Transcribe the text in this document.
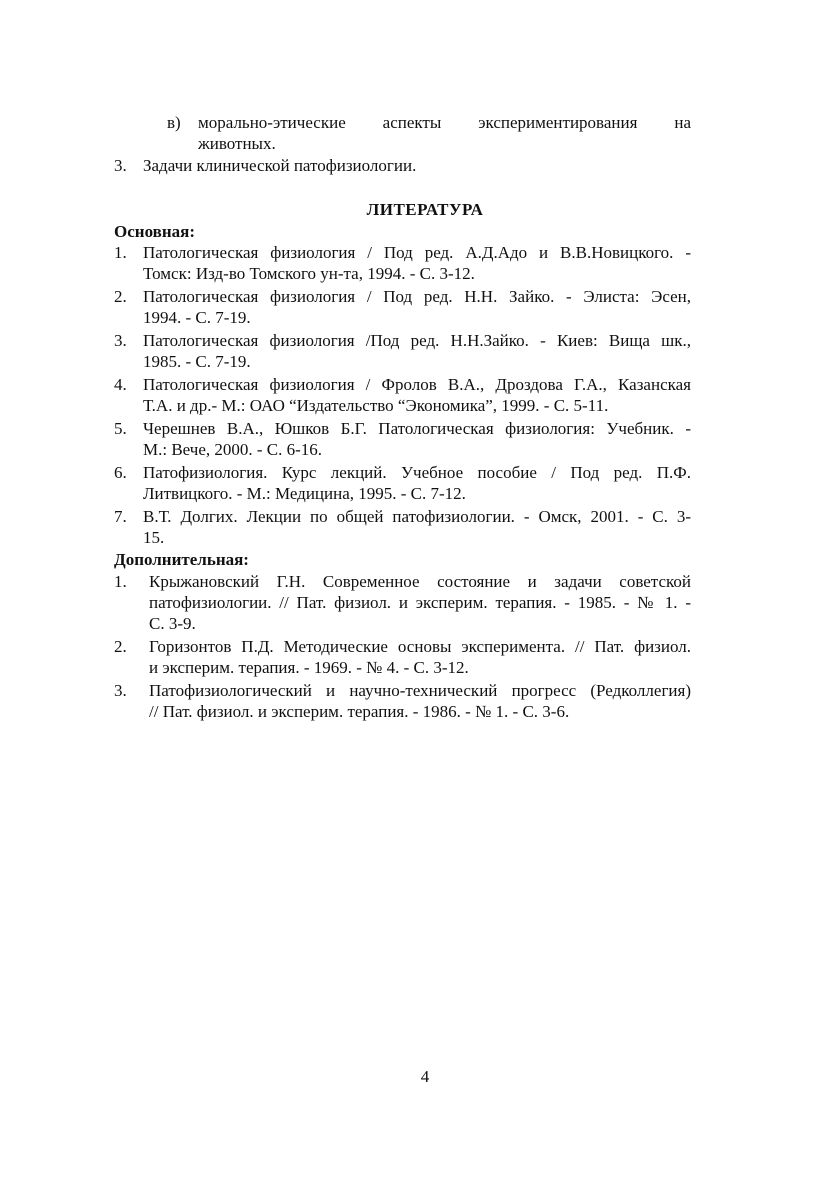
в) морально-этические аспекты экспериментирования на
животных.
3. Задачи клинической патофизиологии.
ЛИТЕРАТУРА
Основная:
1. Патологическая физиология / Под ред. А.Д.Адо и В.В.Новицкого. -
Томск: Изд-во Томского ун-та, 1994. - С. 3-12.
2. Патологическая физиология / Под ред. Н.Н. Зайко. - Элиста: Эсен,
1994. - С. 7-19.
3. Патологическая физиология /Под ред. Н.Н.Зайко. - Киев: Вища шк.,
1985. - С. 7-19.
4. Патологическая физиология / Фролов В.А., Дроздова Г.А., Казанская
Т.А. и др.- М.: ОАО “Издательство “Экономика”, 1999. - С. 5-11.
5. Черешнев В.А., Юшков Б.Г. Патологическая физиология: Учебник. -
М.: Вече, 2000. - С. 6-16.
6. Патофизиология. Курс лекций. Учебное пособие / Под ред. П.Ф.
Литвицкого. - М.: Медицина, 1995. - С. 7-12.
7. В.Т. Долгих. Лекции по общей патофизиологии. - Омск, 2001. - С. 3-
15.
Дополнительная:
1. Крыжановский Г.Н. Современное состояние и задачи советской
патофизиологии. // Пат. физиол. и эксперим. терапия. - 1985. - № 1. -
С. 3-9.
2. Горизонтов П.Д. Методические основы эксперимента. // Пат. физиол.
и эксперим. терапия. - 1969. - № 4. - С. 3-12.
3. Патофизиологический и научно-технический прогресс (Редколлегия)
// Пат. физиол. и эксперим. терапия. - 1986. - № 1. - С. 3-6.
4
